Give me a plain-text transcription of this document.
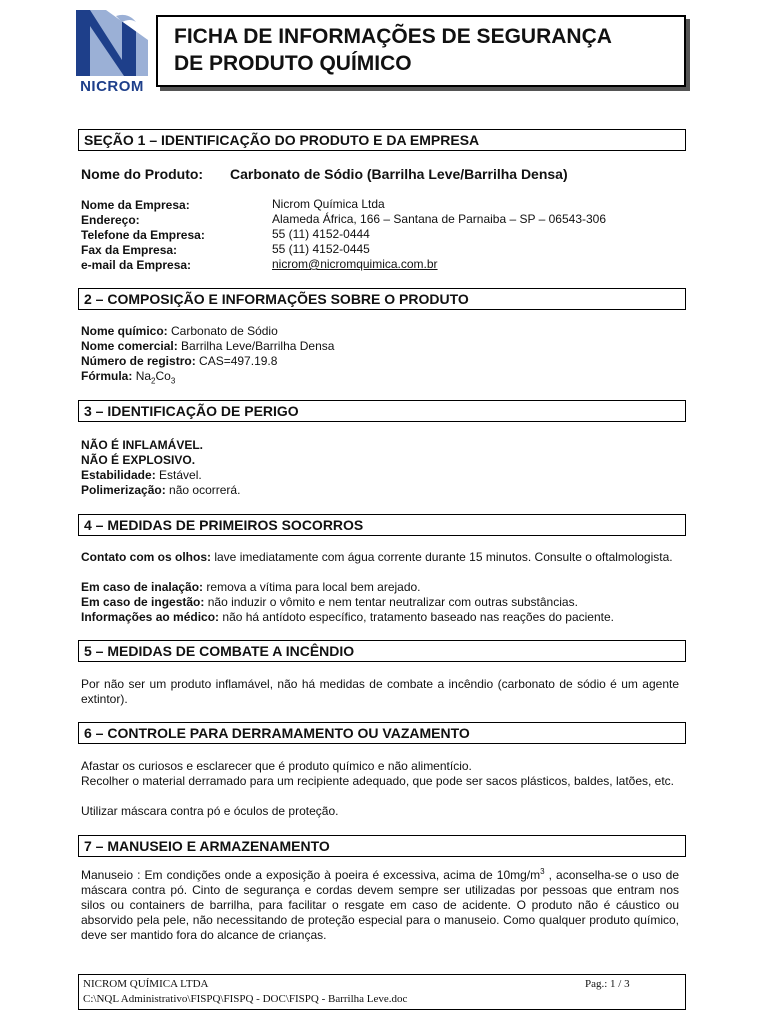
NICROM
FICHA DE INFORMAÇÕES DE SEGURANÇA
DE PRODUTO QUÍMICO
SEÇÃO 1 – IDENTIFICAÇÃO DO PRODUTO E DA EMPRESA
Nome do Produto: Carbonato de Sódio (Barrilha Leve/Barrilha Densa)
Nome da Empresa:	Nicrom Química Ltda
Endereço:	Alameda África, 166 – Santana de Parnaiba – SP – 06543-306
Telefone da Empresa:	55 (11) 4152-0444
Fax da Empresa:	55 (11) 4152-0445
e-mail da Empresa:	nicrom@nicromquimica.com.br
2 – COMPOSIÇÃO E INFORMAÇÕES SOBRE O PRODUTO
Nome químico: Carbonato de Sódio
Nome comercial: Barrilha Leve/Barrilha Densa
Número de registro: CAS=497.19.8
Fórmula: $Na_2Co_3$
3 – IDENTIFICAÇÃO DE PERIGO
NÃO É INFLAMÁVEL.
NÃO É EXPLOSIVO.
Estabilidade: Estável.
Polimerização: não ocorrerá.
4 – MEDIDAS DE PRIMEIROS SOCORROS
Contato com os olhos: lave imediatamente com água corrente durante 15 minutos. Consulte o oftalmologista.
Em caso de inalação: remova a vítima para local bem arejado.
Em caso de ingestão: não induzir o vômito e nem tentar neutralizar com outras substâncias.
Informações ao médico: não há antídoto específico, tratamento baseado nas reações do paciente.
5 – MEDIDAS DE COMBATE A INCÊNDIO
Por não ser um produto inflamável, não há medidas de combate a incêndio (carbonato de sódio é um agente extintor).
6 – CONTROLE PARA DERRAMAMENTO OU VAZAMENTO
Afastar os curiosos e esclarecer que é produto químico e não alimentício.
Recolher o material derramado para um recipiente adequado, que pode ser sacos plásticos, baldes, latões, etc.
Utilizar máscara contra pó e óculos de proteção.
7 – MANUSEIO E ARMAZENAMENTO
Manuseio : Em condições onde a exposição à poeira é excessiva, acima de $10mg/m^3$ , aconselha-se o uso de máscara contra pó. Cinto de segurança e cordas devem sempre ser utilizadas por pessoas que entram nos silos ou containers de barrilha, para facilitar o resgate em caso de acidente. O produto não é cáustico ou absorvido pela pele, não necessitando de proteção especial para o manuseio. Como qualquer produto químico, deve ser mantido fora do alcance de crianças.
NICROM QUÍMICA LTDA
C:\NQL Administrativo\FISPQ\FISPQ - DOC\FISPQ - Barrilha Leve.doc
Pag.: 1 / 3
